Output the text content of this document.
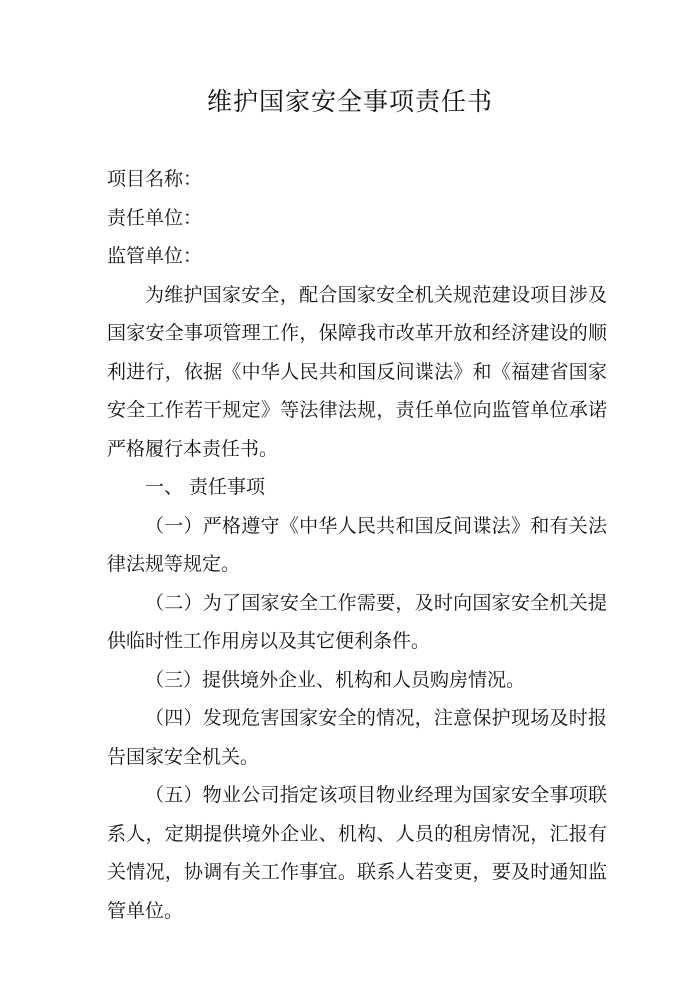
维护国家安全事项责任书

项目名称：

责任单位：

监管单位：

为维护国家安全，配合国家安全机关规范建设项目涉及国家安全事项管理工作，保障我市改革开放和经济建设的顺利进行，依据《中华人民共和国反间谍法》和《福建省国家安全工作若干规定》等法律法规，责任单位向监管单位承诺严格履行本责任书。

一、 责任事项

（一）严格遵守《中华人民共和国反间谍法》和有关法律法规等规定。

（二）为了国家安全工作需要，及时向国家安全机关提供临时性工作用房以及其它便利条件。

（三）提供境外企业、机构和人员购房情况。

（四）发现危害国家安全的情况，注意保护现场及时报告国家安全机关。

（五）物业公司指定该项目物业经理为国家安全事项联系人，定期提供境外企业、机构、人员的租房情况，汇报有关情况，协调有关工作事宜。联系人若变更，要及时通知监管单位。
